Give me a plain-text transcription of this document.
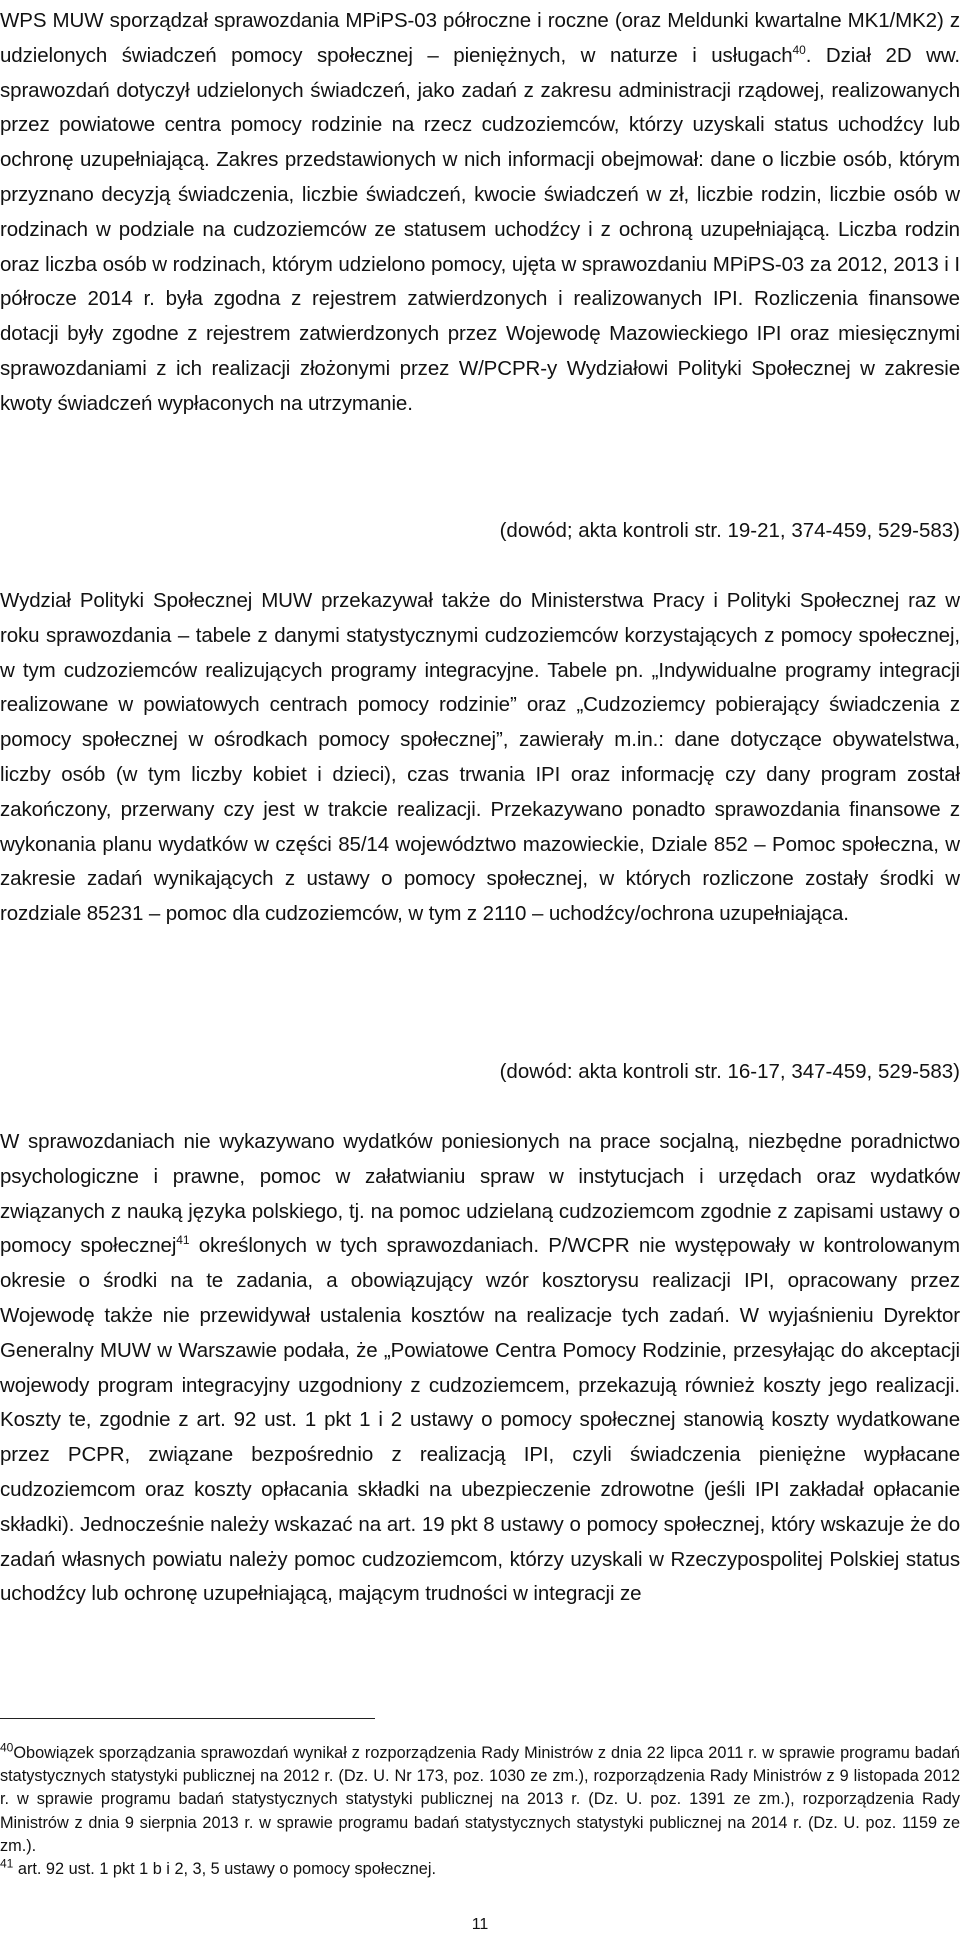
WPS MUW sporządzał sprawozdania MPiPS-03 półroczne i roczne (oraz Meldunki kwartalne MK1/MK2) z udzielonych świadczeń pomocy społecznej – pieniężnych, w naturze i usługach$^{40}$. Dział 2D ww. sprawozdań dotyczył udzielonych świadczeń, jako zadań z zakresu administracji rządowej, realizowanych przez powiatowe centra pomocy rodzinie na rzecz cudzoziemców, którzy uzyskali status uchodźcy lub ochronę uzupełniającą. Zakres przedstawionych w nich informacji obejmował: dane o liczbie osób, którym przyznano decyzją świadczenia, liczbie świadczeń, kwocie świadczeń w zł, liczbie rodzin, liczbie osób w rodzinach w podziale na cudzoziemców ze statusem uchodźcy i z ochroną uzupełniającą. Liczba rodzin oraz liczba osób w rodzinach, którym udzielono pomocy, ujęta w sprawozdaniu MPiPS-03 za 2012, 2013 i I półrocze 2014 r. była zgodna z rejestrem zatwierdzonych i realizowanych IPI. Rozliczenia finansowe dotacji były zgodne z rejestrem zatwierdzonych przez Wojewodę Mazowieckiego IPI oraz miesięcznymi sprawozdaniami z ich realizacji złożonymi przez W/PCPR-y Wydziałowi Polityki Społecznej w zakresie kwoty świadczeń wypłaconych na utrzymanie.

(dowód; akta kontroli str. 19-21, 374-459, 529-583)

Wydział Polityki Społecznej MUW przekazywał także do Ministerstwa Pracy i Polityki Społecznej raz w roku sprawozdania – tabele z danymi statystycznymi cudzoziemców korzystających z pomocy społecznej, w tym cudzoziemców realizujących programy integracyjne. Tabele pn. „Indywidualne programy integracji realizowane w powiatowych centrach pomocy rodzinie” oraz „Cudzoziemcy pobierający świadczenia z pomocy społecznej w ośrodkach pomocy społecznej”, zawierały m.in.: dane dotyczące obywatelstwa, liczby osób (w tym liczby kobiet i dzieci), czas trwania IPI oraz informację czy dany program został zakończony, przerwany czy jest w trakcie realizacji. Przekazywano ponadto sprawozdania finansowe z wykonania planu wydatków w części 85/14 województwo mazowieckie, Dziale 852 – Pomoc społeczna, w zakresie zadań wynikających z ustawy o pomocy społecznej, w których rozliczone zostały środki w rozdziale 85231 – pomoc dla cudzoziemców, w tym z 2110 – uchodźcy/ochrona uzupełniająca.

(dowód: akta kontroli str. 16-17, 347-459, 529-583)

W sprawozdaniach nie wykazywano wydatków poniesionych na prace socjalną, niezbędne poradnictwo psychologiczne i prawne, pomoc w załatwianiu spraw w instytucjach i urzędach oraz wydatków związanych z nauką języka polskiego, tj. na pomoc udzielaną cudzoziemcom zgodnie z zapisami ustawy o pomocy społecznej$^{41}$ określonych w tych sprawozdaniach. P/WCPR nie występowały w kontrolowanym okresie o środki na te zadania, a obowiązujący wzór kosztorysu realizacji IPI, opracowany przez Wojewodę także nie przewidywał ustalenia kosztów na realizacje tych zadań. W wyjaśnieniu Dyrektor Generalny MUW w Warszawie podała, że „Powiatowe Centra Pomocy Rodzinie, przesyłając do akceptacji wojewody program integracyjny uzgodniony z cudzoziemcem, przekazują również koszty jego realizacji. Koszty te, zgodnie z art. 92 ust. 1 pkt 1 i 2 ustawy o pomocy społecznej stanowią koszty wydatkowane przez PCPR, związane bezpośrednio z realizacją IPI, czyli świadczenia pieniężne wypłacane cudzoziemcom oraz koszty opłacania składki na ubezpieczenie zdrowotne (jeśli IPI zakładał opłacanie składki). Jednocześnie należy wskazać na art. 19 pkt 8 ustawy o pomocy społecznej, który wskazuje że do zadań własnych powiatu należy pomoc cudzoziemcom, którzy uzyskali w Rzeczypospolitej Polskiej status uchodźcy lub ochronę uzupełniającą, mającym trudności w integracji ze

$^{40}$Obowiązek sporządzania sprawozdań wynikał z rozporządzenia Rady Ministrów z dnia 22 lipca 2011 r. w sprawie programu badań statystycznych statystyki publicznej na 2012 r. (Dz. U. Nr 173, poz. 1030 ze zm.), rozporządzenia Rady Ministrów z 9 listopada 2012 r. w sprawie programu badań statystycznych statystyki publicznej na 2013 r. (Dz. U. poz. 1391 ze zm.), rozporządzenia Rady Ministrów z dnia 9 sierpnia 2013 r. w sprawie programu badań statystycznych statystyki publicznej na 2014 r. (Dz. U. poz. 1159 ze zm.).

$^{41}$ art. 92 ust. 1 pkt 1 b i 2, 3, 5 ustawy o pomocy społecznej.

11
